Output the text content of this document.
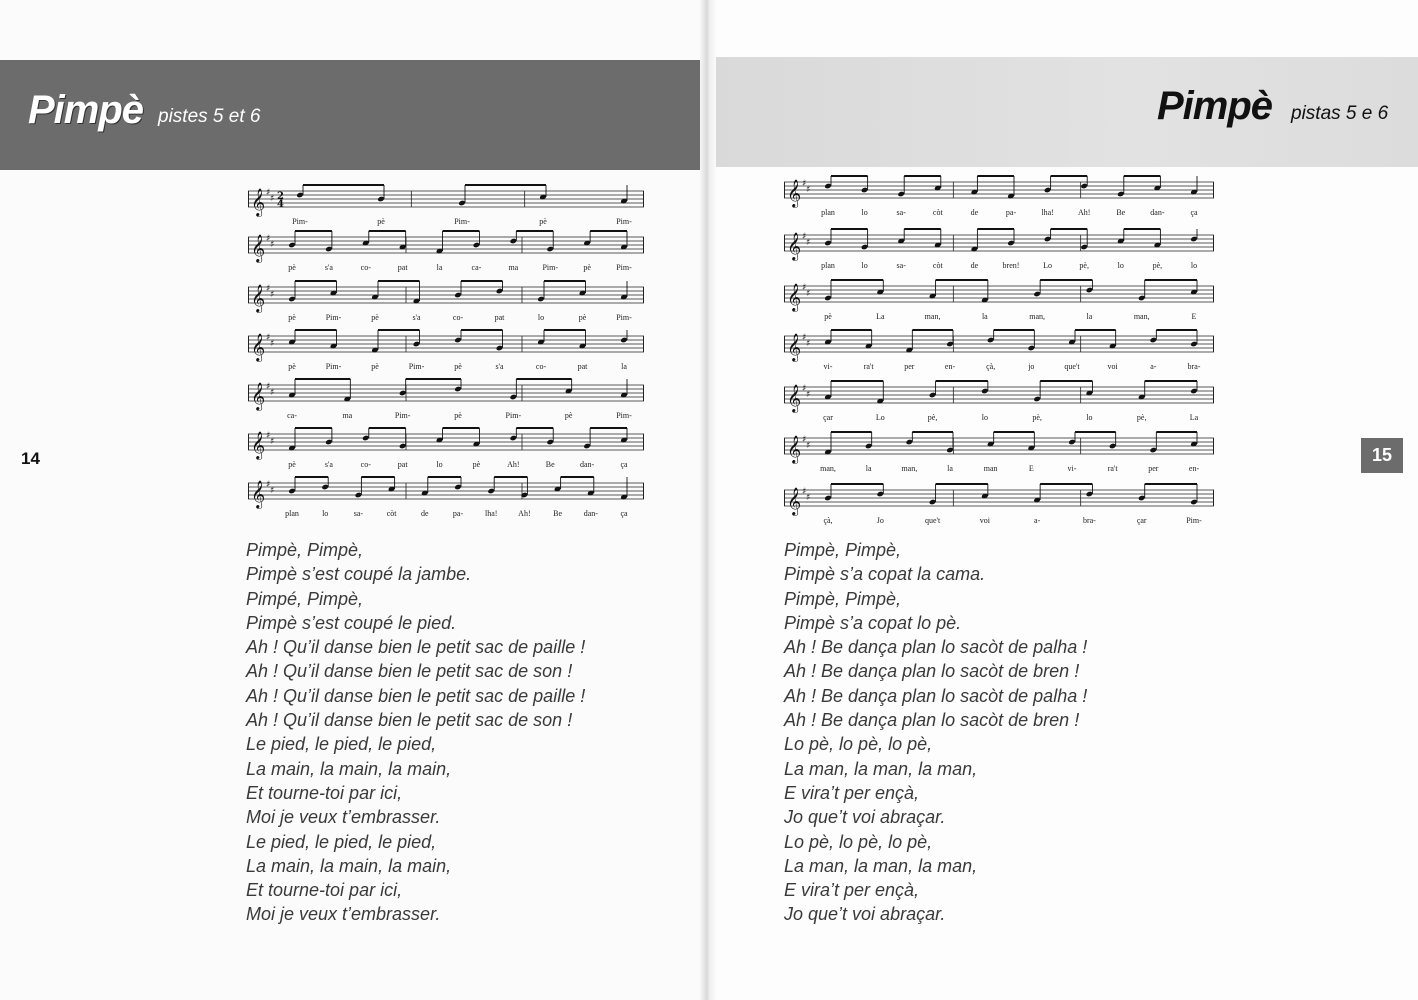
Pimpè pistes 5 et 6
14
𝄞 ♯
♯ 2
4
Pim-	pè	Pim-	pè	Pim-
𝄞 ♯
♯
pè	s'a	co-	pat	la	ca-	ma	Pim-	pè	Pim-
𝄞 ♯
♯
pè	Pim-	pè	s'a	co-	pat	lo	pè	Pim-
𝄞 ♯
♯
pè	Pim-	pè	Pim-	pè	s'a	co-	pat	la
𝄞 ♯
♯
ca-	ma	Pim-	pè	Pim-	pè	Pim-
𝄞 ♯
♯
pè	s'a	co-	pat	lo	pè	Ah!	Be	dan-	ça
𝄞 ♯
♯
plan	lo	sa-	còt	de	pa-	lha!	Ah!	Be	dan-	ça
Pimpè, Pimpè,
Pimpè s’est coupé la jambe.
Pimpé, Pimpè,
Pimpè s’est coupé le pied.
Ah ! Qu’il danse bien le petit sac de paille !
Ah ! Qu’il danse bien le petit sac de son !
Ah ! Qu’il danse bien le petit sac de paille !
Ah ! Qu’il danse bien le petit sac de son !
Le pied, le pied, le pied,
La main, la main, la main,
Et tourne-toi par ici,
Moi je veux t’embrasser.
Le pied, le pied, le pied,
La main, la main, la main,
Et tourne-toi par ici,
Moi je veux t’embrasser.
Pimpè pistas 5 e 6
15
𝄞 ♯
♯
plan	lo	sa-	còt	de	pa-	lha!	Ah!	Be	dan-	ça
𝄞 ♯
♯
plan	lo	sa-	còt	de	bren!	Lo	pè,	lo	pè,	lo
𝄞 ♯
♯
pè	La	man,	la	man,	la	man,	E
𝄞 ♯
♯
vi-	ra't	per	en-	çà,	jo	que't	voi	a-	bra-
𝄞 ♯
♯
çar	Lo	pè,	lo	pè,	lo	pè,	La
𝄞 ♯
♯
man,	la	man,	la	man	E	vi-	ra't	per	en-
𝄞 ♯
♯
çà,	Jo	que't	voi	a-	bra-	çar	Pim-
Pimpè, Pimpè,
Pimpè s’a copat la cama.
Pimpè, Pimpè,
Pimpè s’a copat lo pè.
Ah ! Be dança plan lo sacòt de palha !
Ah ! Be dança plan lo sacòt de bren !
Ah ! Be dança plan lo sacòt de palha !
Ah ! Be dança plan lo sacòt de bren !
Lo pè, lo pè, lo pè,
La man, la man, la man,
E vira’t per ençà,
Jo que’t voi abraçar.
Lo pè, lo pè, lo pè,
La man, la man, la man,
E vira’t per ençà,
Jo que’t voi abraçar.
